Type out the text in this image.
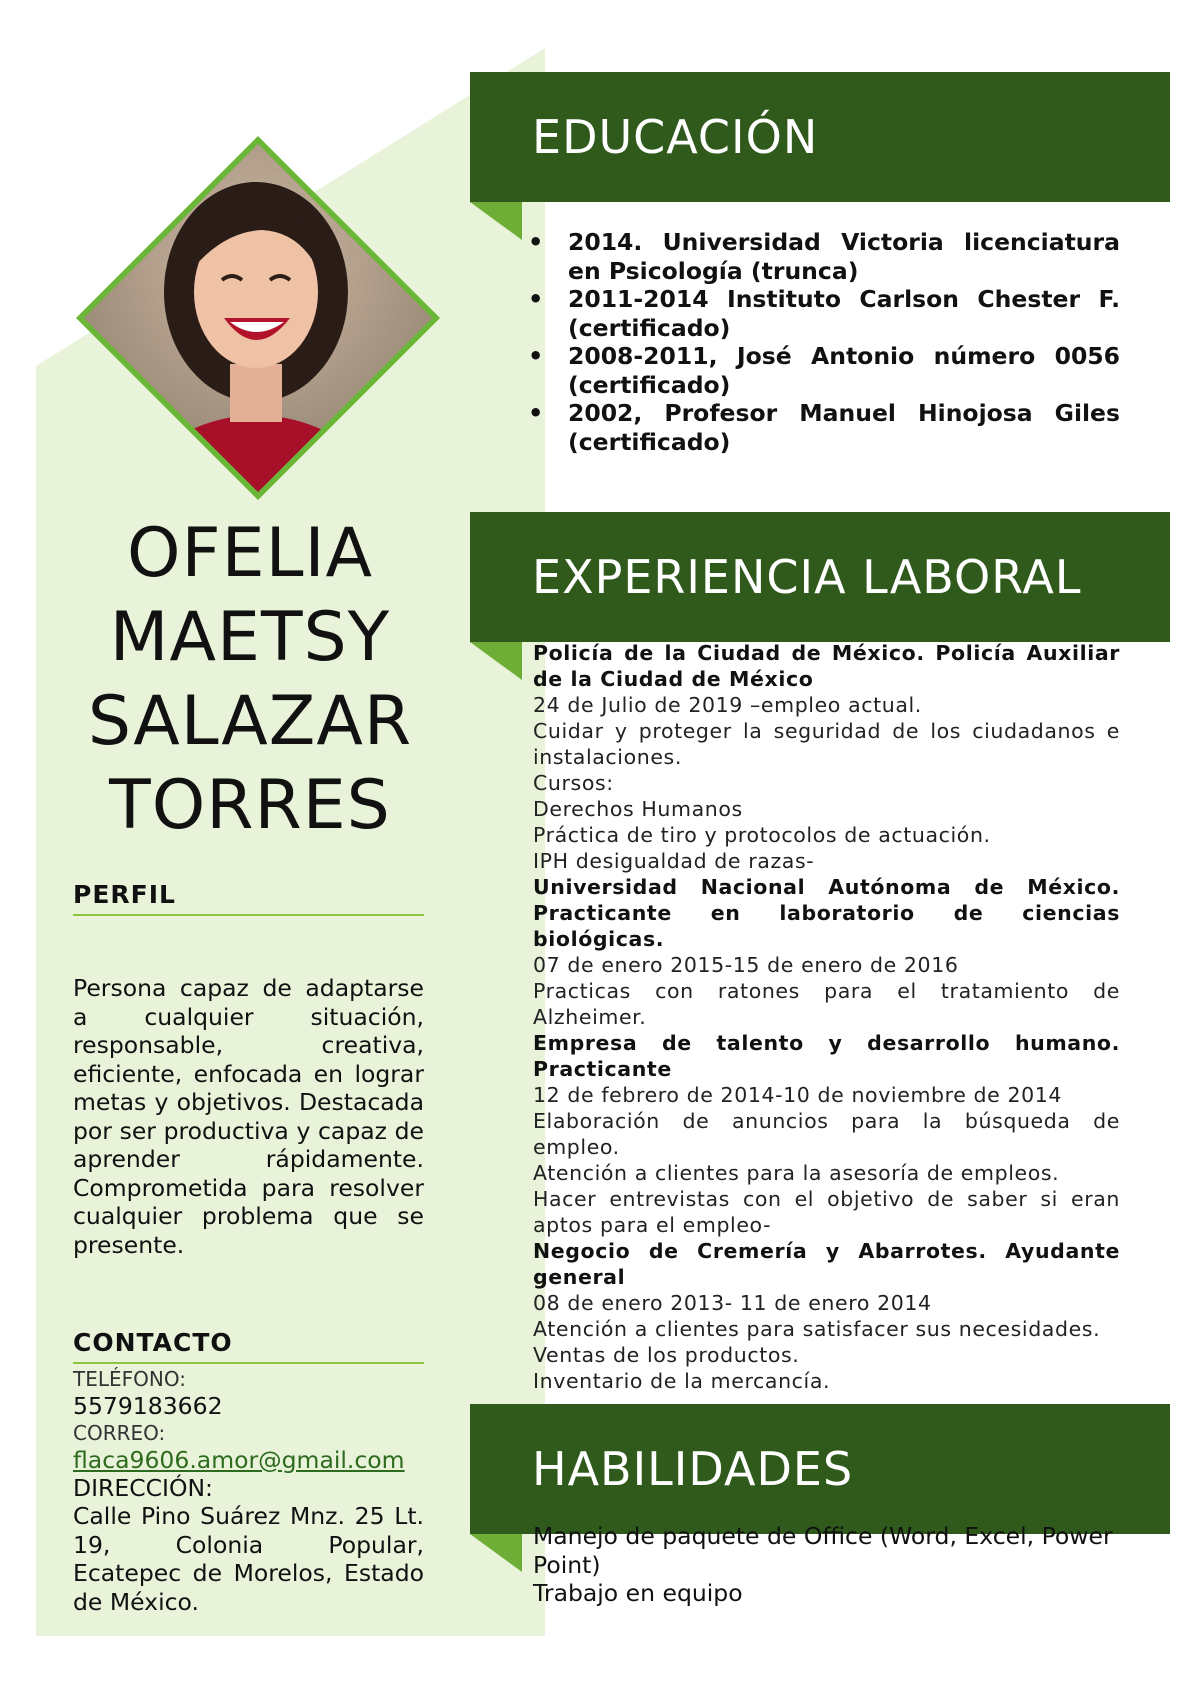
OFELIA
MAETSY
SALAZAR
TORRES
PERFIL
Persona capaz de adaptarse a cualquier situación, responsable, creativa, eficiente, enfocada en lograr metas y objetivos. Destacada por ser productiva y capaz de aprender rápidamente. Comprometida para resolver cualquier problema que se presente.
CONTACTO
TELÉFONO:
5579183662
CORREO:
flaca9606.amor@gmail.com
DIRECCIÓN:
Calle Pino Suárez Mnz. 25 Lt. 19, Colonia Popular, Ecatepec de Morelos, Estado de México.
EDUCACIÓN
• 2014. Universidad Victoria licenciatura en Psicología (trunca)
• 2011-2014 Instituto Carlson Chester F. (certificado)
• 2008-2011, José Antonio número 0056 (certificado)
• 2002, Profesor Manuel Hinojosa Giles (certificado)
EXPERIENCIA LABORAL
Policía de la Ciudad de México. Policía Auxiliar de la Ciudad de México
24 de Julio de 2019 –empleo actual.
Cuidar y proteger la seguridad de los ciudadanos e instalaciones.
Cursos:
Derechos Humanos
Práctica de tiro y protocolos de actuación.
IPH desigualdad de razas-
Universidad Nacional Autónoma de México. Practicante en laboratorio de ciencias biológicas.
07 de enero 2015-15 de enero de 2016
Practicas con ratones para el tratamiento de Alzheimer.
Empresa de talento y desarrollo humano. Practicante
12 de febrero de 2014-10 de noviembre de 2014
Elaboración de anuncios para la búsqueda de empleo.
Atención a clientes para la asesoría de empleos.
Hacer entrevistas con el objetivo de saber si eran aptos para el empleo-
Negocio de Cremería y Abarrotes. Ayudante general
08 de enero 2013- 11 de enero 2014
Atención a clientes para satisfacer sus necesidades.
Ventas de los productos.
Inventario de la mercancía.
HABILIDADES
Manejo de paquete de Office (Word, Excel, Power Point)
Trabajo en equipo
